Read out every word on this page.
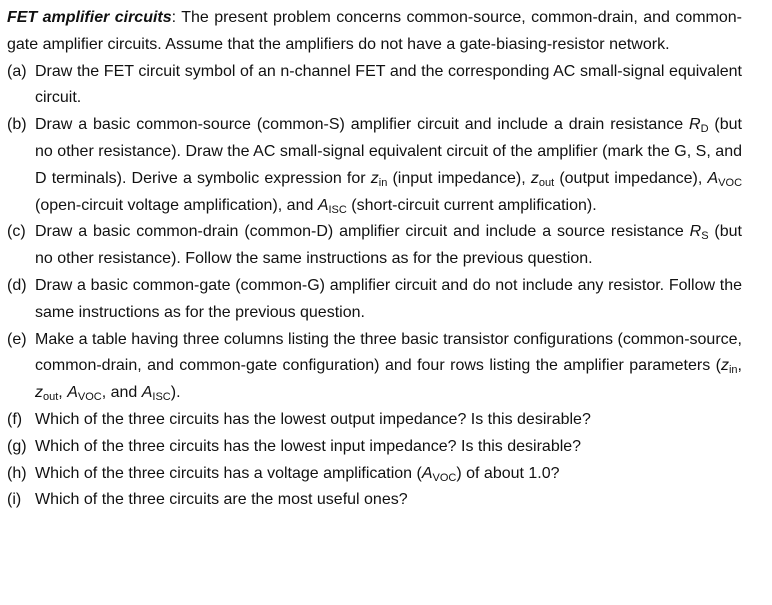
FET amplifier circuits: The present problem concerns common-source, common-drain, and common-gate amplifier circuits. Assume that the amplifiers do not have a gate-biasing-resistor network.

(a) Draw the FET circuit symbol of an n-channel FET and the corresponding AC small-signal equivalent circuit.
(b) Draw a basic common-source (common-S) amplifier circuit and include a drain resistance $R_D$ (but no other resistance). Draw the AC small-signal equivalent circuit of the amplifier (mark the G, S, and D terminals). Derive a symbolic expression for $z_{in}$ (input impedance), $z_{out}$ (output impedance), $A_{VOC}$ (open-circuit voltage amplification), and $A_{ISC}$ (short-circuit current amplification).
(c) Draw a basic common-drain (common-D) amplifier circuit and include a source resistance $R_S$ (but no other resistance). Follow the same instructions as for the previous question.
(d) Draw a basic common-gate (common-G) amplifier circuit and do not include any resistor. Follow the same instructions as for the previous question.
(e) Make a table having three columns listing the three basic transistor configurations (common-source, common-drain, and common-gate configuration) and four rows listing the amplifier parameters ($z_{in}$, $z_{out}$, $A_{VOC}$, and $A_{ISC}$).
(f) Which of the three circuits has the lowest output impedance? Is this desirable?
(g) Which of the three circuits has the lowest input impedance? Is this desirable?
(h) Which of the three circuits has a voltage amplification $(A_{VOC})$ of about 1.0?
(i) Which of the three circuits are the most useful ones?
